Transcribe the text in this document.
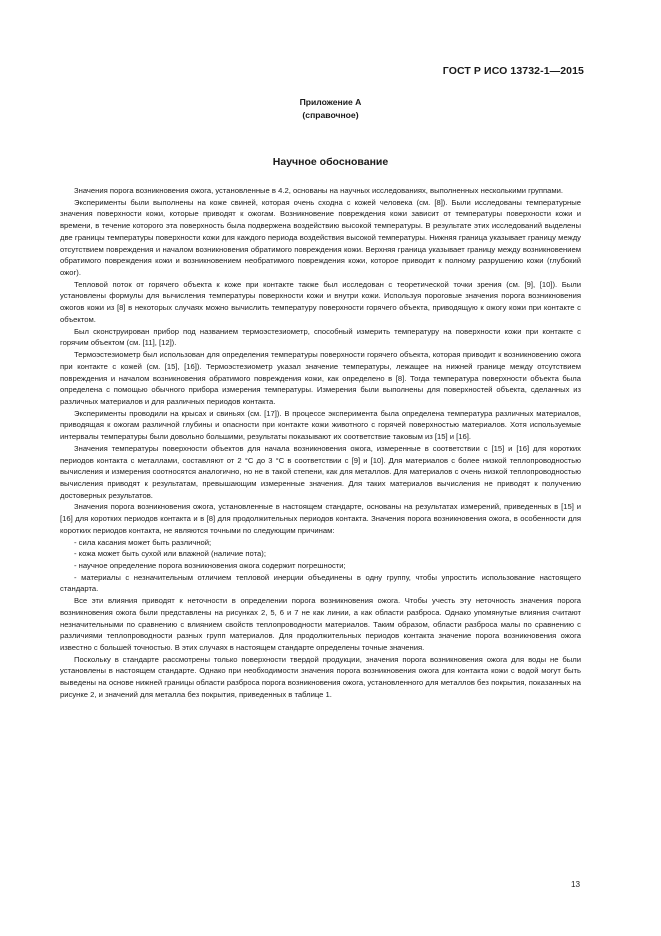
ГОСТ Р ИСО 13732-1—2015
Приложение А
(справочное)
Научное обоснование

Значения порога возникновения ожога, установленные в 4.2, основаны на научных исследованиях, выполненных несколькими группами.

Эксперименты были выполнены на коже свиней, которая очень сходна с кожей человека (см. [8]). Были исследованы температурные значения поверхности кожи, которые приводят к ожогам. Возникновение повреждения кожи зависит от температуры поверхности кожи и времени, в течение которого эта поверхность была подвержена воздействию высокой температуры. В результате этих исследований выделены две границы температуры поверхности кожи для каждого периода воздействия высокой температуры. Нижняя граница указывает границу между отсутствием повреждения и началом возникновения обратимого повреждения кожи. Верхняя граница указывает границу между возникновением обратимого повреждения кожи и возникновением необратимого повреждения кожи, которое приводит к полному разрушению кожи (глубокий ожог).

Тепловой поток от горячего объекта к коже при контакте также был исследован с теоретической точки зрения (см. [9], [10]). Были установлены формулы для вычисления температуры поверхности кожи и внутри кожи. Используя пороговые значения порога возникновения ожогов кожи из [8] в некоторых случаях можно вычислить температуру поверхности горячего объекта, приводящую к ожогу кожи при контакте с объектом.

Был сконструирован прибор под названием термоэстезиометр, способный измерить температуру на поверхности кожи при контакте с горячим объектом (см. [11], [12]).

Термоэстезиометр был использован для определения температуры поверхности горячего объекта, которая приводит к возникновению ожога при контакте с кожей (см. [15], [16]). Термоэстезиометр указал значение температуры, лежащее на нижней границе между отсутствием повреждения и началом возникновения обратимого повреждения кожи, как определено в [8]. Тогда температура поверхности объекта была определена с помощью обычного прибора измерения температуры. Измерения были выполнены для поверхностей объекта, сделанных из различных материалов и для различных периодов контакта.

Эксперименты проводили на крысах и свиньях (см. [17]). В процессе эксперимента была определена температура различных материалов, приводящая к ожогам различной глубины и опасности при контакте кожи животного с горячей поверхностью материалов. Хотя используемые интервалы температуры были довольно большими, результаты показывают их соответствие таковым из [15] и [16].

Значения температуры поверхности объектов для начала возникновения ожога, измеренные в соответствии с [15] и [16] для коротких периодов контакта с металлами, составляют от 2 °С до 3 °С в соответствии с [9] и [10]. Для материалов с более низкой теплопроводностью вычисления и измерения соотносятся аналогично, но не в такой степени, как для металлов. Для материалов с очень низкой теплопроводностью вычисления приводят к результатам, превышающим измеренные значения. Для таких материалов вычисления не приводят к получению достоверных результатов.

Значения порога возникновения ожога, установленные в настоящем стандарте, основаны на результатах измерений, приведенных в [15] и [16] для коротких периодов контакта и в [8] для продолжительных периодов контакта. Значения порога возникновения ожога, в особенности для коротких периодов контакта, не являются точными по следующим причинам:

- сила касания может быть различной;

- кожа может быть сухой или влажной (наличие пота);

- научное определение порога возникновения ожога содержит погрешности;

- материалы с незначительным отличием тепловой инерции объединены в одну группу, чтобы упростить использование настоящего стандарта.

Все эти влияния приводят к неточности в определении порога возникновения ожога. Чтобы учесть эту неточность значения порога возникновения ожога были представлены на рисунках 2, 5, 6 и 7 не как линии, а как области разброса. Однако упомянутые влияния считают незначительными по сравнению с влиянием свойств теплопроводности материалов. Таким образом, области разброса малы по сравнению с различиями теплопроводности разных групп материалов. Для продолжительных периодов контакта значение порога возникновения ожога известно с большей точностью. В этих случаях в настоящем стандарте определены точные значения.

Поскольку в стандарте рассмотрены только поверхности твердой продукции, значения порога возникновения ожога для воды не были установлены в настоящем стандарте. Однако при необходимости значения порога возникновения ожога для контакта кожи с водой могут быть выведены на основе нижней границы области разброса порога возникновения ожога, установленного для металлов без покрытия, показанных на рисунке 2, и значений для металла без покрытия, приведенных в таблице 1.

13
